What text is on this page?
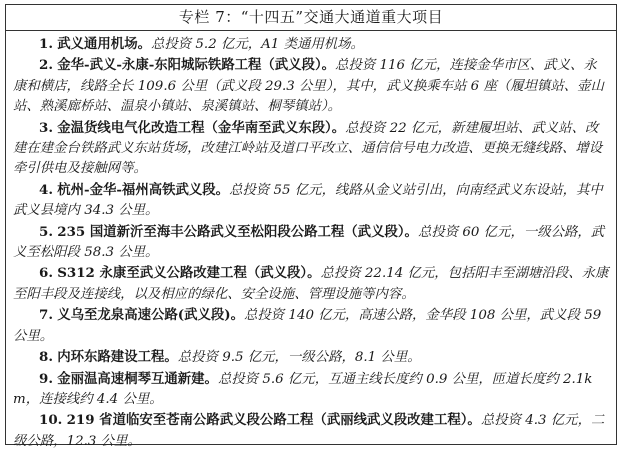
专栏 7：“十四五”交通大通道重大项目

1. 武义通用机场。总投资 5.2 亿元，A1 类通用机场。

2. 金华-武义-永康-东阳城际铁路工程（武义段）。总投资 116 亿元，连接金华市区、武义、永康和横店，线路全长 109.6 公里（武义段 29.3 公里），其中，武义换乘车站 6 座（履坦镇站、壶山站、熟溪廊桥站、温泉小镇站、泉溪镇站、桐琴镇站）。

3. 金温货线电气化改造工程（金华南至武义东段）。总投资 22 亿元，新建履坦站、武义站、改建在建金台铁路武义东站货场，改建江岭站及道口平改立、通信信号电力改造、更换无缝线路、增设牵引供电及接触网等。

4. 杭州-金华-福州高铁武义段。总投资 55 亿元，线路从金义站引出，向南经武义东设站，其中武义县境内 34.3 公里。

5. 235 国道新沂至海丰公路武义至松阳段公路工程（武义段）。总投资 60 亿元，一级公路，武义至松阳段 58.3 公里。

6. S312 永康至武义公路改建工程（武义段）。总投资 22.14 亿元，包括阳丰至湖塘沿段、永康至阳丰段及连接线，以及相应的绿化、安全设施、管理设施等内容。

7. 义乌至龙泉高速公路(武义段)。总投资 140 亿元，高速公路，金华段 108 公里，武义段 59 公里。

8. 内环东路建设工程。总投资 9.5 亿元，一级公路，8.1 公里。

9. 金丽温高速桐琴互通新建。总投资 5.6 亿元，互通主线长度约 0.9 公里，匝道长度约 2.1km，连接线约 4.4 公里。

10. 219 省道临安至苍南公路武义段公路工程（武丽线武义段改建工程）。总投资 4.3 亿元，二级公路，12.3 公里。
